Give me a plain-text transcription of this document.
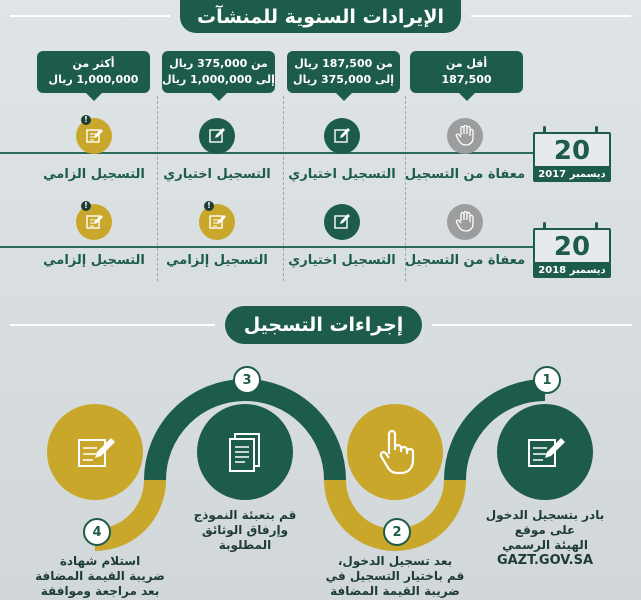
الإيرادات السنوية للمنشآت
أقل من
187,500
من 187,500 ريال
إلى 375,000 ريال
من 375,000 ريال
إلى 1,000,000 ريال
أكثر من
1,000,000 ريال
20
ديسمبر 2017
20
ديسمبر 2018
معفاة من التسجيل
التسجيل اختياري
التسجيل اختياري
!
التسجيل الزامي
معفاة من التسجيل
التسجيل اختياري
!
التسجيل إلزامي
!
التسجيل إلزامي
إجراءات التسجيل
1
2
3
4
بادر بتسجيل الدخول
على موقع
الهيئة الرسمي
GAZT.GOV.SA
بعد تسجيل الدخول،
قم باختيار التسجيل في
ضريبة القيمة المضافة
قم بتعبئة النموذج
وإرفاق الوثائق
المطلوبة
استلام شهادة
ضريبة القيمة المضافة
بعد مراجعة وموافقة
